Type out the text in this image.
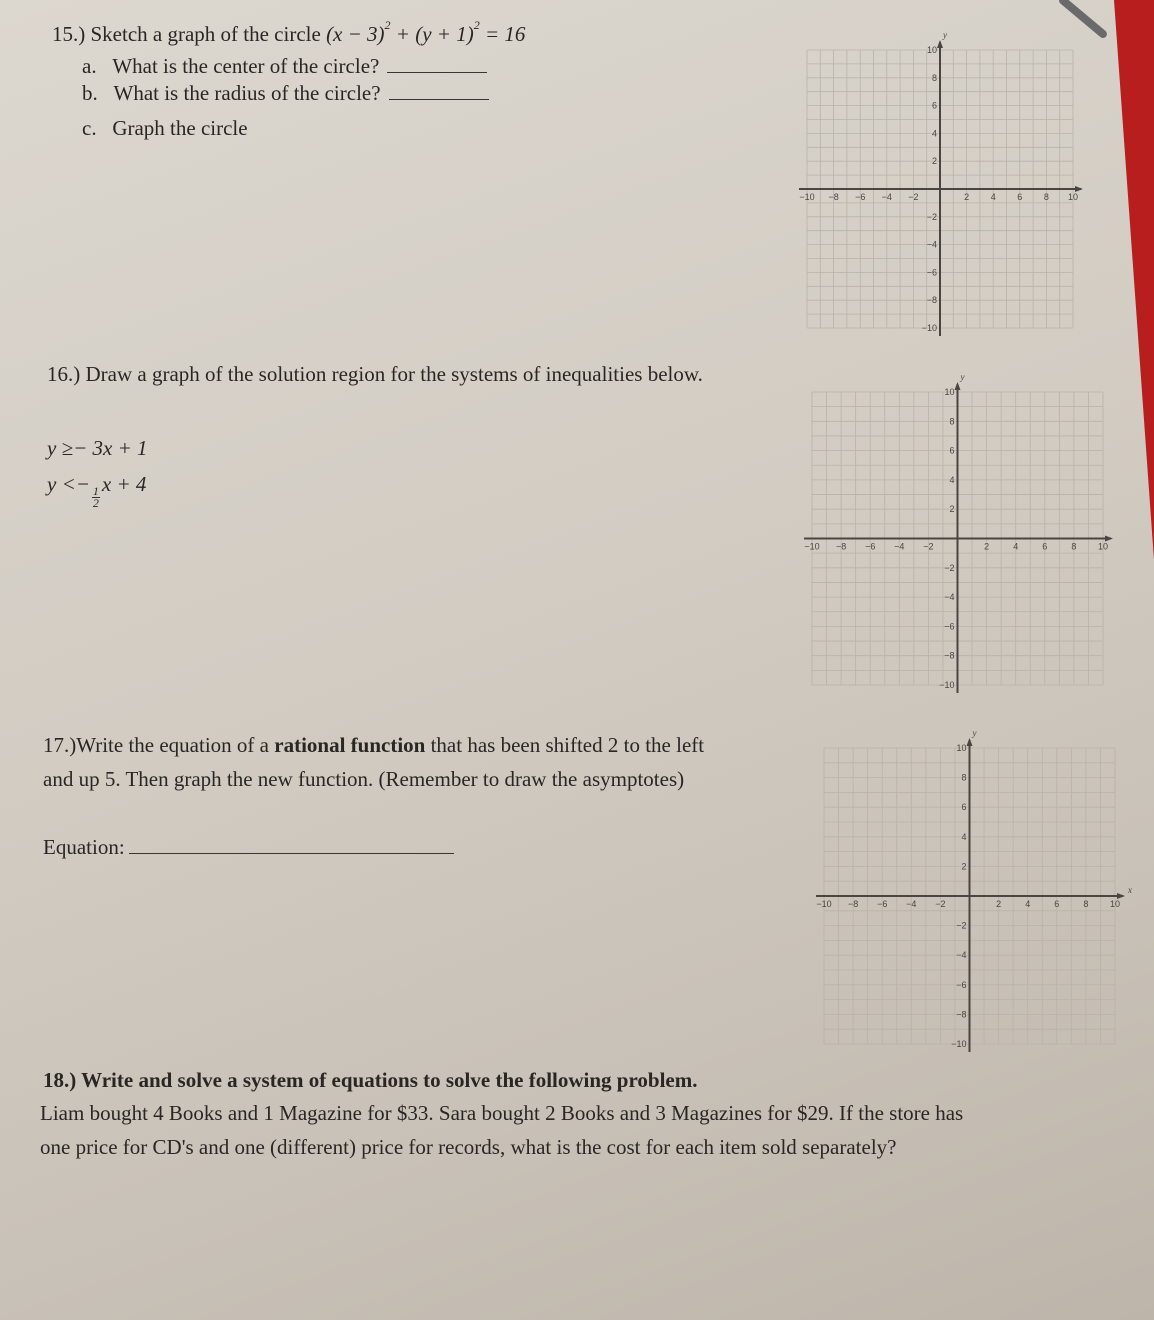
15.) Sketch a graph of the circle $(x - 3)^2 + (y + 1)^2 = 16$
a. What is the center of the circle?
b. What is the radius of the circle?
c. Graph the circle
16.) Draw a graph of the solution region for the systems of inequalities below.
y ≥− 3x + 1
y <−
$\frac{1}{2}$
x + 4
17.)Write the equation of a rational function that has been shifted 2 to the left
and up 5. Then graph the new function. (Remember to draw the asymptotes)
Equation:
18.) Write and solve a system of equations to solve the following problem.
Liam bought 4 Books and 1 Magazine for $33. Sara bought 2 Books and 3 Magazines for $29. If the store has
one price for CD's and one (different) price for records, what is the cost for each item sold separately?
−10 −8 −6 −4 −2	2 4 6 8 10
10
8
6
4
2
−2
−4
−6
−8
−10
y
−10 −8 −6 −4 −2	2	4	6	8 10
10
8
6
4
2
−2
−4
−6
−8
−10
y
−10 −8 −6 −4 −2	2	4	6	8 10
10
8
6
4
2
−2
−4
−6
−8
−10
y
x
